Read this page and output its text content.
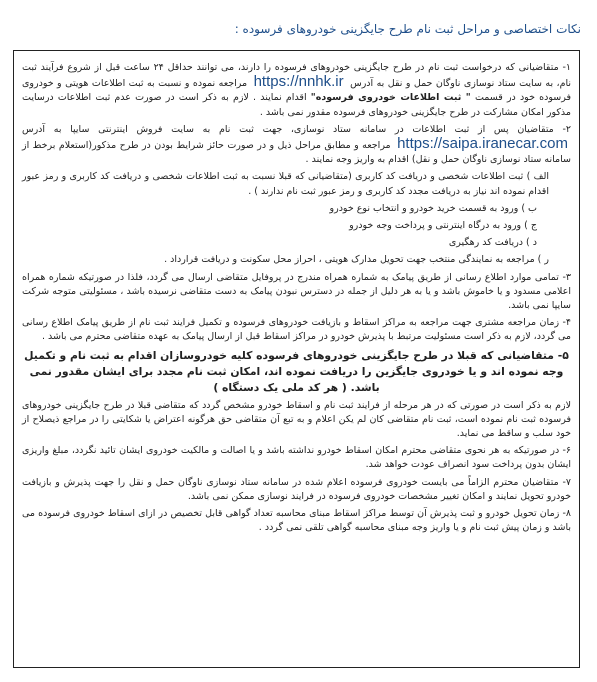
نکات اختصاصی و مراحل ثبت نام طرح جایگزینی خودروهای فرسوده :

۱- متقاضیانی که درخواست ثبت نام در طرح جایگزینی خودروهای فرسوده را دارند، می توانند حداقل ۲۴ ساعت قبل از شروع فرآیند ثبت نام، به سایت ستاد نوسازی ناوگان حمل و نقل به آدرس https://nnhk.ir مراجعه نموده و نسبت به ثبت اطلاعات هویتی و خودروی فرسوده خود در قسمت " ثبت اطلاعات خودروی فرسوده" اقدام نمایند . لازم به ذکر است در صورت عدم ثبت اطلاعات درسایت مذکور امکان مشارکت در طرح جایگزینی خودروهای فرسوده مقدور نمی باشد .

۲- متقاضیان پس از ثبت اطلاعات در سامانه ستاد نوسازی، جهت ثبت نام به سایت فروش اینترنتی سایپا به آدرس https://saipa.iranecar.com مراجعه و مطابق مراحل ذیل و در صورت حائز شرایط بودن در طرح مذکور(استعلام برخط از سامانه ستاد نوسازی ناوگان حمل و نقل) اقدام به واریز وجه نمایند .

الف ) ثبت اطلاعات شخصی و دریافت کد کاربری (متقاضیانی که قبلا نسبت به ثبت اطلاعات شخصی و دریافت کد کاربری و رمز عبور اقدام نموده اند نیاز به دریافت مجدد کد کاربری و رمز عبور ثبت نام ندارند ) .

ب ) ورود به قسمت خرید خودرو و انتخاب نوع خودرو

ج ) ورود به درگاه اینترنتی و پرداخت وجه خودرو

د ) دریافت کد رهگیری

ر ) مراجعه به نمایندگی منتخب جهت تحویل مدارک هویتی ، احراز محل سکونت و دریافت قرارداد .

۳- تمامی موارد اطلاع رسانی از طریق پیامک به شماره همراه مندرج در پروفایل متقاضی ارسال می گردد، فلذا در صورتیکه شماره همراه اعلامی مسدود و یا خاموش باشد و یا به هر دلیل از جمله در دسترس نبودن پیامک به دست متقاضی نرسیده باشد ، مسئولیتی متوجه شرکت سایپا نمی باشد.

۴- زمان مراجعه مشتری جهت مراجعه به مراکز اسقاط و بازیافت خودروهای فرسوده و تکمیل فرایند ثبت نام از طریق پیامک اطلاع رسانی می گردد، لازم به ذکر است مسئولیت مرتبط با پذیرش خودرو در مراکز اسقاط قبل از ارسال پیامک به عهده متقاضی محترم می باشد .

۵- متقاضیانی که قبلا در طرح جایگزینی خودروهای فرسوده کلیه خودروسازان اقدام به ثبت نام و تکمیل وجه نموده اند و یا خودروی جایگزین را دریافت نموده اند، امکان ثبت نام مجدد برای ایشان مقدور نمی باشد. ( هر کد ملی یک دستگاه )

لازم به ذکر است در صورتی که در هر مرحله از فرایند ثبت نام و اسقاط خودرو مشخص گردد که متقاضی قبلا در طرح جایگزینی خودروهای فرسوده ثبت نام نموده است، ثبت نام متقاضی کان لم یکن اعلام و به تبع آن متقاضی حق هرگونه اعتراض یا شکایتی را در مراجع ذیصلاح از خود سلب و ساقط می نماید.

۶- در صورتیکه به هر نحوی متقاضی محترم امکان اسقاط خودرو نداشته باشد و یا اصالت و مالکیت خودروی ایشان تائید نگردد، مبلغ واریزی ایشان بدون پرداخت سود انصراف عودت خواهد شد.

۷- متقاضیان محترم الزاماً می بایست خودروی فرسوده اعلام شده در سامانه ستاد نوسازی ناوگان حمل و نقل را جهت پذیرش و بازیافت خودرو تحویل نمایند و امکان تغییر مشخصات خودروی فرسوده در فرایند نوسازی ممکن نمی باشد.

۸- زمان تحویل خودرو و ثبت پذیرش آن توسط مراکز اسقاط مبنای محاسبه تعداد گواهی قابل تخصیص در ازای اسقاط خودروی فرسوده می باشد و زمان پیش ثبت نام و یا واریز وجه مبنای محاسبه گواهی تلقی نمی گردد .
